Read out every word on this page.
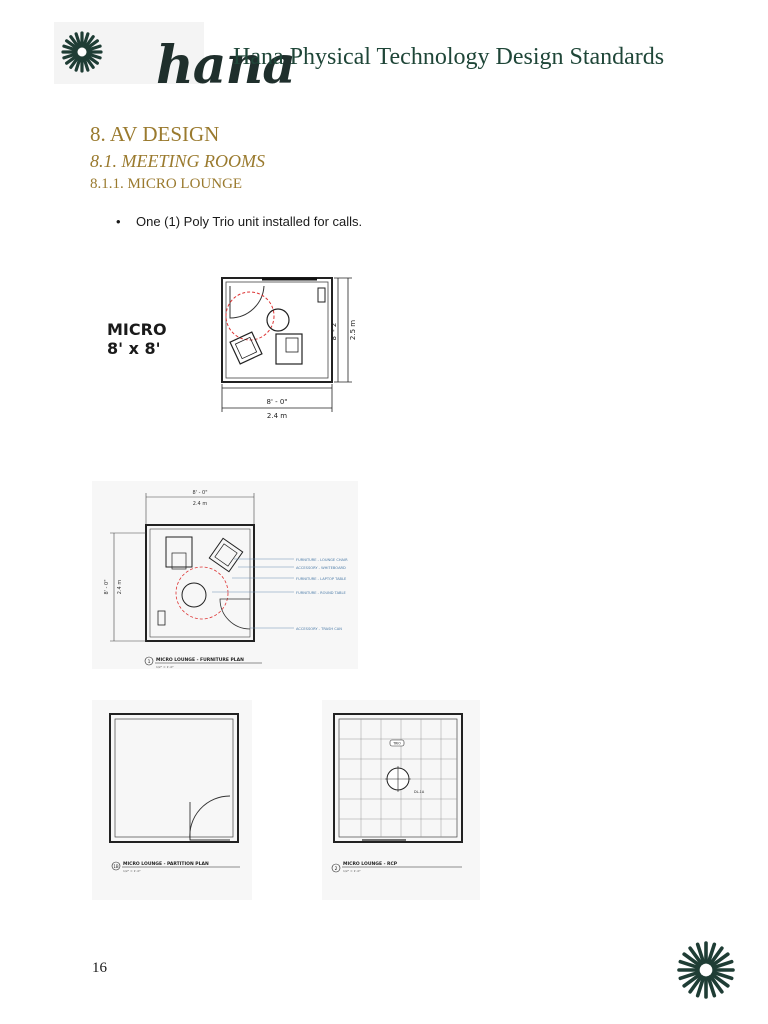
hana
Hana Physical Technology Design Standards
8. AV DESIGN
8.1. MEETING ROOMS
8.1.1. MICRO LOUNGE
• One (1) Poly Trio unit installed for calls.
MICRO
8' x 8'
8' - 0"
2.4 m
8' - 2" 2.5 m
8' - 0"
2.4 m
8' - 0" 2.4 m
FURNITURE - LOUNGE CHAIR
ACCESSORY - WHITEBOARD
FURNITURE - LAPTOP TABLE
FURNITURE - ROUND TABLE
ACCESSORY - TRASH CAN
1 MICRO LOUNGE - FURNITURE PLAN
1/2" = 1'-0"
1B MICRO LOUNGE - PARTITION PLAN
1/2" = 1'-0"
TRIO
DL-1A
2
MICRO LOUNGE - RCP
1/2" = 1'-0"
16
